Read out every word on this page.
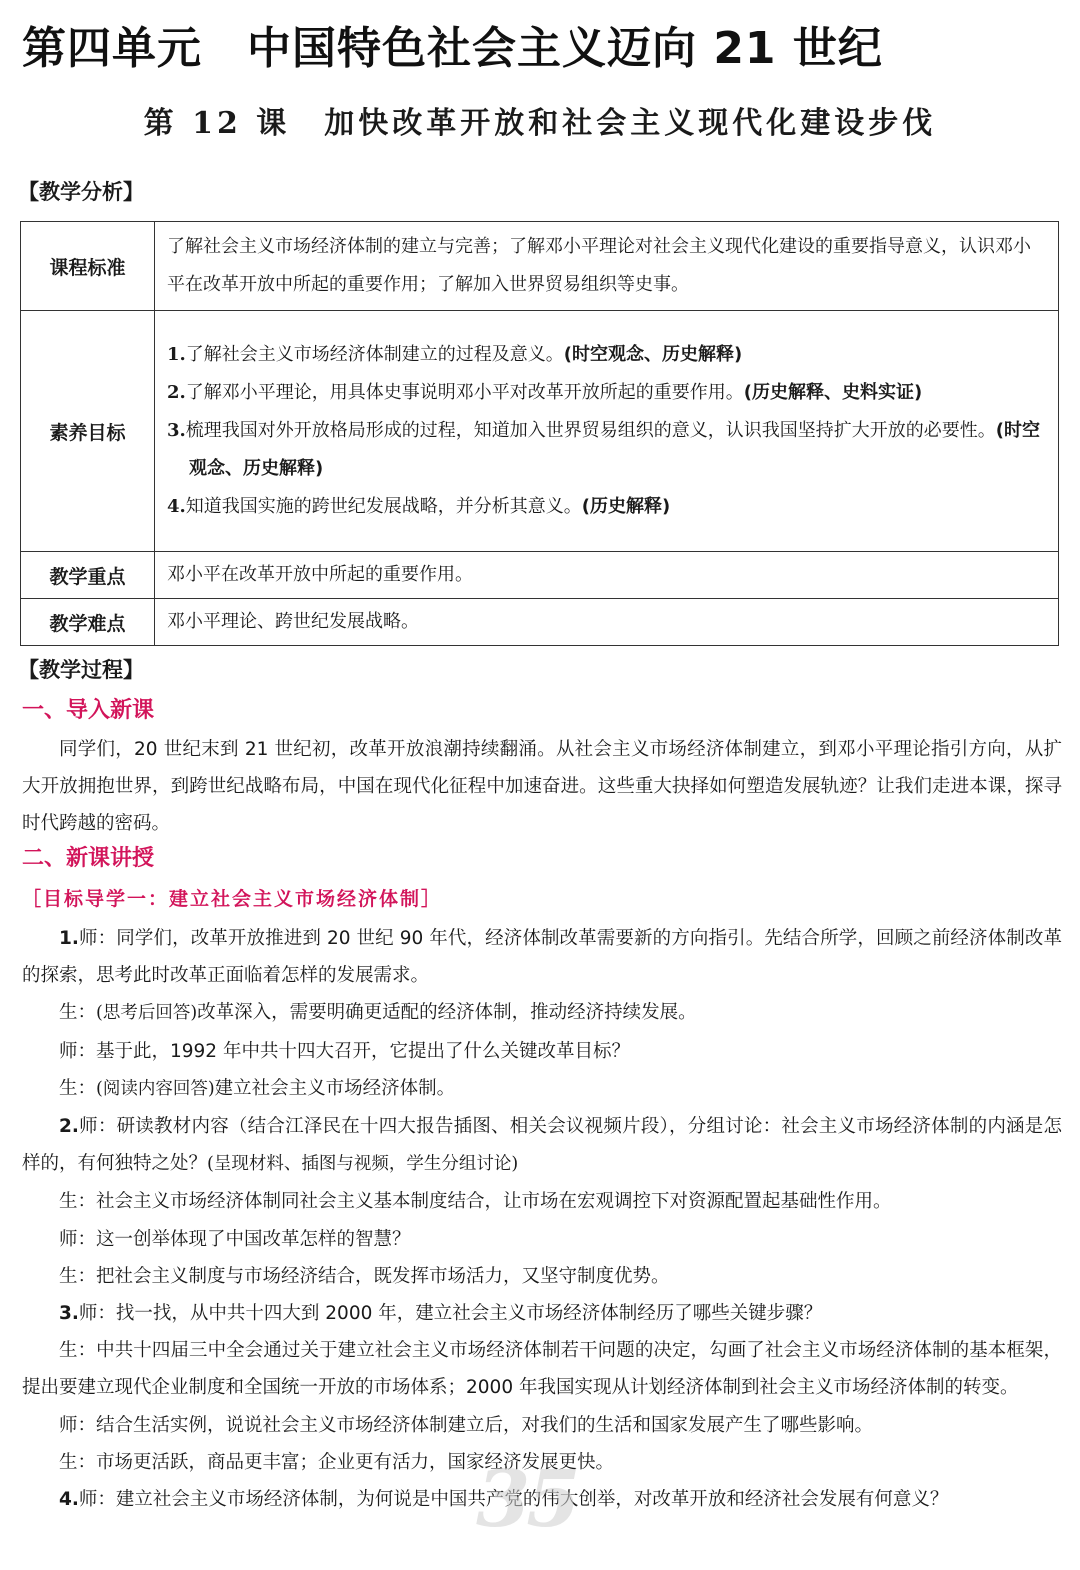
第四单元　中国特色社会主义迈向 21 世纪
第 12 课　加快改革开放和社会主义现代化建设步伐
【教学分析】
课程标准	了解社会主义市场经济体制的建立与完善；了解邓小平理论对社会主义现代化建设的重要指导意义，认识邓小平在改革开放中所起的重要作用；了解加入世界贸易组织等史事。
素养目标	1.了解社会主义市场经济体制建立的过程及意义。(时空观念、历史解释)
2.了解邓小平理论，用具体史事说明邓小平对改革开放所起的重要作用。(历史解释、史料实证)
3.梳理我国对外开放格局形成的过程，知道加入世界贸易组织的意义，认识我国坚持扩大开放的必要性。(时空观念、历史解释)
4.知道我国实施的跨世纪发展战略，并分析其意义。(历史解释)

教学重点	邓小平在改革开放中所起的重要作用。
教学难点	邓小平理论、跨世纪发展战略。
【教学过程】
一、导入新课

同学们，20 世纪末到 21 世纪初，改革开放浪潮持续翻涌。从社会主义市场经济体制建立，到邓小平理论指引方向，从扩大开放拥抱世界，到跨世纪战略布局，中国在现代化征程中加速奋进。这些重大抉择如何塑造发展轨迹？让我们走进本课，探寻时代跨越的密码。

二、新课讲授
［目标导学一：建立社会主义市场经济体制］

1.师：同学们，改革开放推进到 20 世纪 90 年代，经济体制改革需要新的方向指引。先结合所学，回顾之前经济体制改革的探索，思考此时改革正面临着怎样的发展需求。

生：(思考后回答)改革深入，需要明确更适配的经济体制，推动经济持续发展。

师：基于此，1992 年中共十四大召开，它提出了什么关键改革目标？

生：(阅读内容回答)建立社会主义市场经济体制。

2.师：研读教材内容（结合江泽民在十四大报告插图、相关会议视频片段），分组讨论：社会主义市场经济体制的内涵是怎样的，有何独特之处？(呈现材料、插图与视频，学生分组讨论)

生：社会主义市场经济体制同社会主义基本制度结合，让市场在宏观调控下对资源配置起基础性作用。

师：这一创举体现了中国改革怎样的智慧？

生：把社会主义制度与市场经济结合，既发挥市场活力，又坚守制度优势。

3.师：找一找，从中共十四大到 2000 年，建立社会主义市场经济体制经历了哪些关键步骤？

生：中共十四届三中全会通过关于建立社会主义市场经济体制若干问题的决定，勾画了社会主义市场经济体制的基本框架，提出要建立现代企业制度和全国统一开放的市场体系；2000 年我国实现从计划经济体制到社会主义市场经济体制的转变。

师：结合生活实例，说说社会主义市场经济体制建立后，对我们的生活和国家发展产生了哪些影响。

生：市场更活跃，商品更丰富；企业更有活力，国家经济发展更快。

4.师：建立社会主义市场经济体制，为何说是中国共产党的伟大创举，对改革开放和经济社会发展有何意义？

35
